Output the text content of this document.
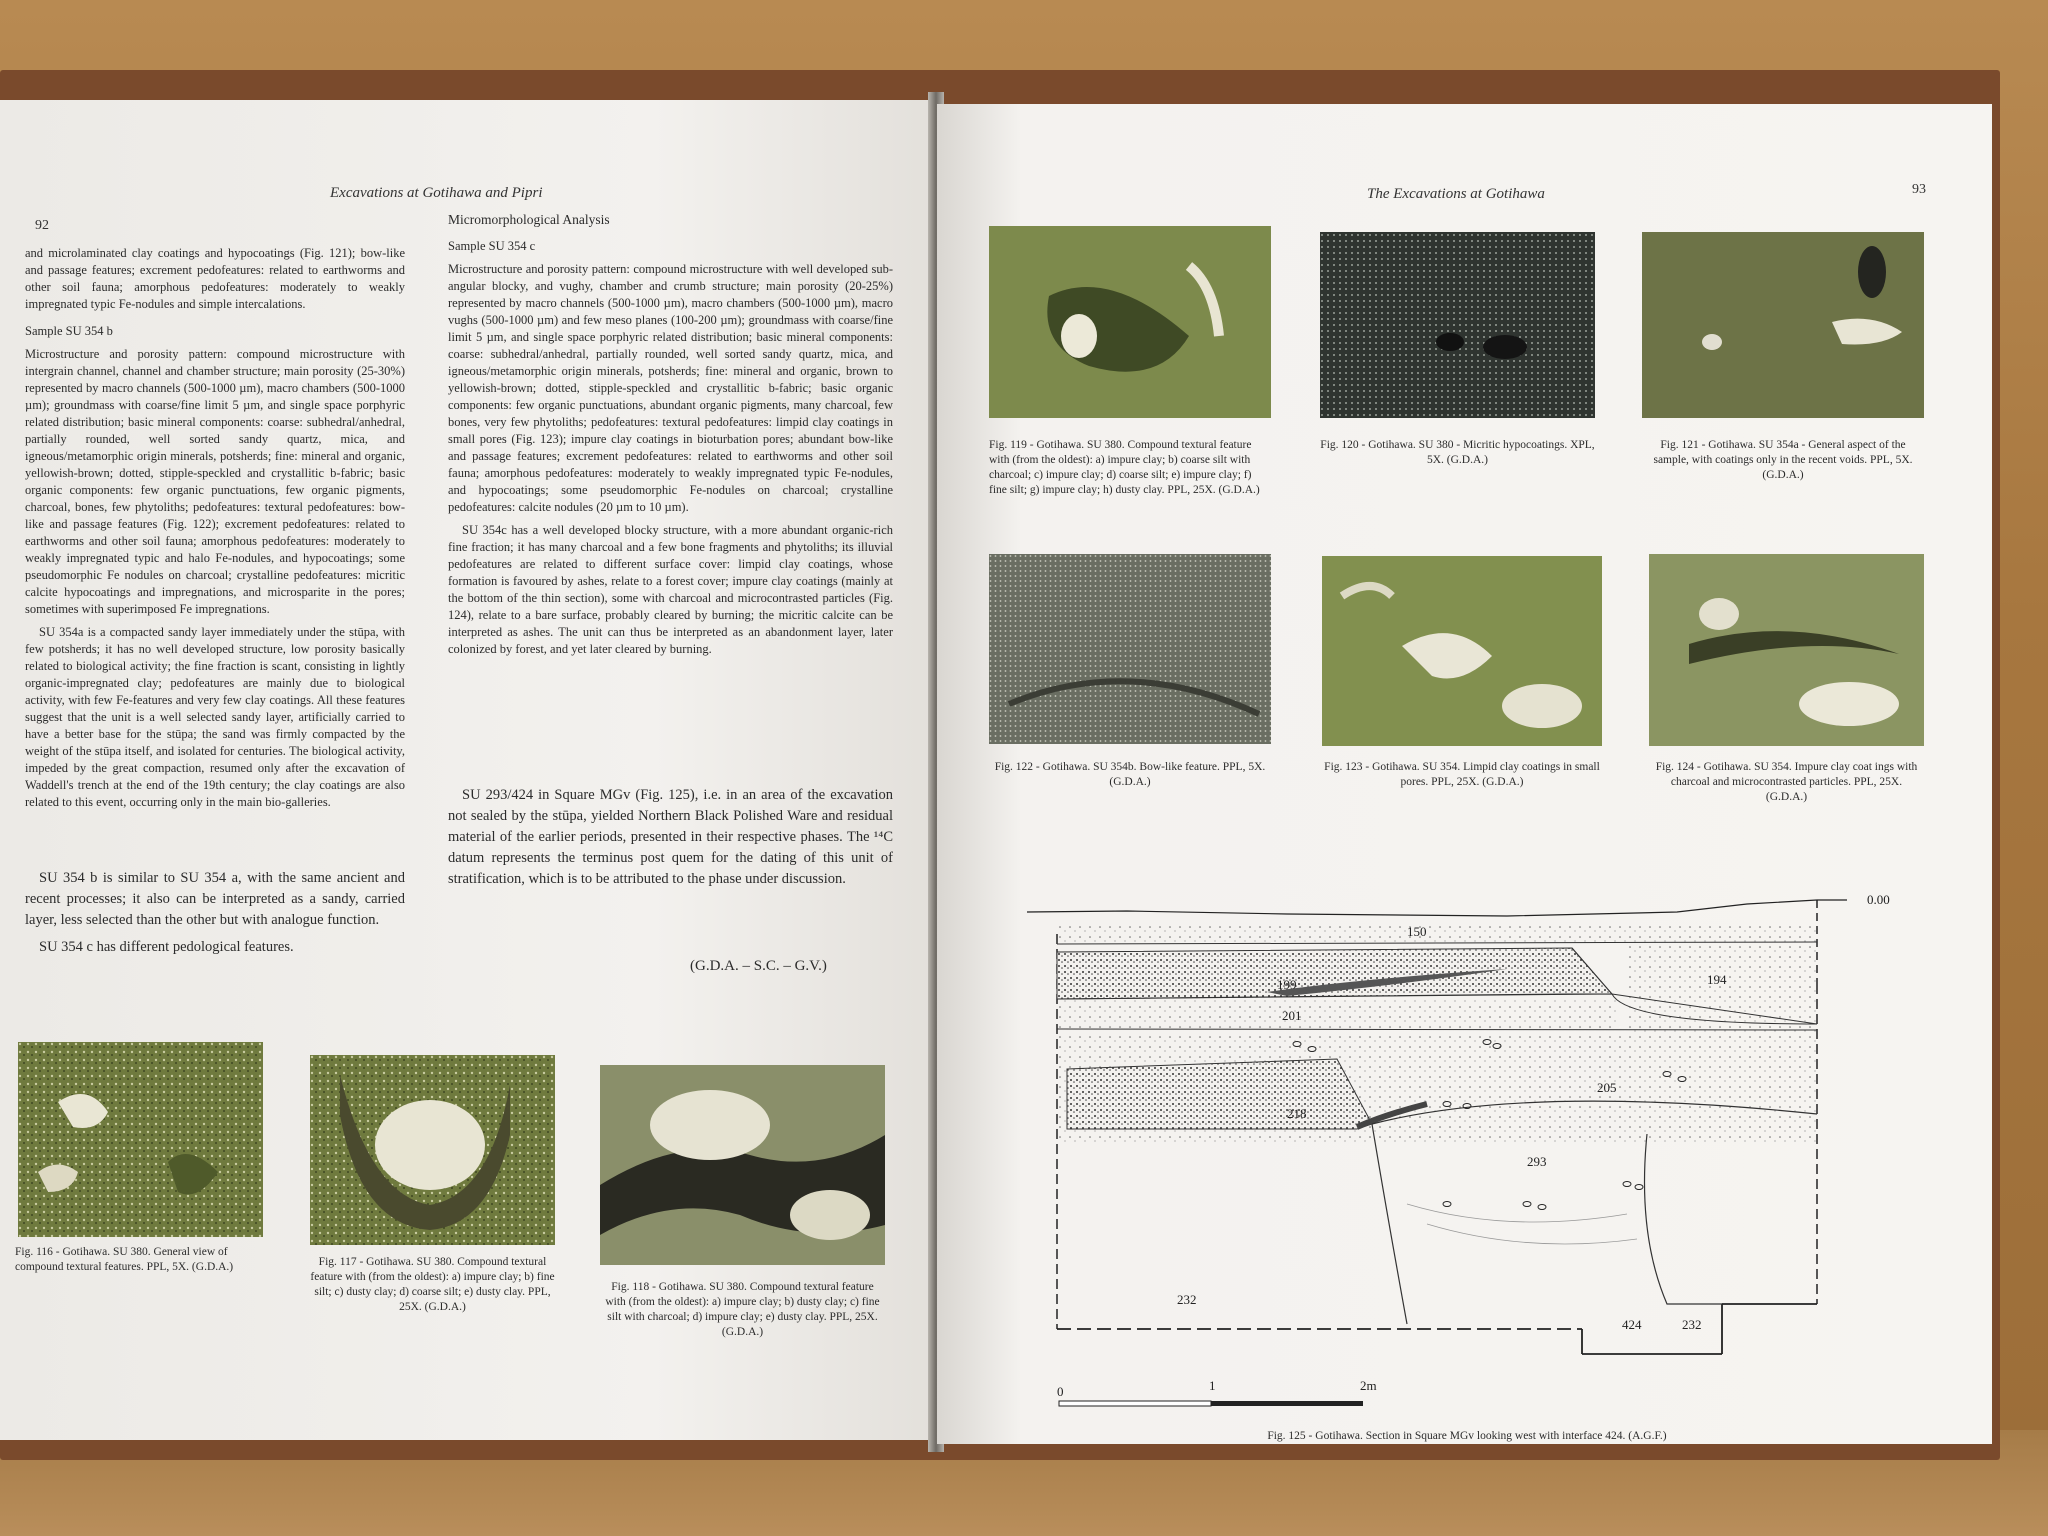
Excavations at Gotihawa and Pipri
92

and microlaminated clay coatings and hypocoatings (Fig. 121); bow-like and passage features; excrement pedofeatures: related to earthworms and other soil fauna; amorphous pedofeatures: moderately to weakly impregnated typic Fe-nodules and simple intercalations.

Sample SU 354 b

Microstructure and porosity pattern: compound microstructure with intergrain channel, channel and chamber structure; main porosity (25-30%) represented by macro channels (500-1000 µm), macro chambers (500-1000 µm); groundmass with coarse/fine limit 5 µm, and single space porphyric related distribution; basic mineral components: coarse: subhedral/anhedral, partially rounded, well sorted sandy quartz, mica, and igneous/metamorphic origin minerals, potsherds; fine: mineral and organic, yellowish-brown; dotted, stipple-speckled and crystallitic b-fabric; basic organic components: few organic punctuations, few organic pigments, charcoal, bones, few phytoliths; pedofeatures: textural pedofeatures: bow-like and passage features (Fig. 122); excrement pedofeatures: related to earthworms and other soil fauna; amorphous pedofeatures: moderately to weakly impregnated typic and halo Fe-nodules, and hypocoatings; some pseudomorphic Fe nodules on charcoal; crystalline pedofeatures: micritic calcite hypocoatings and impregnations, and microsparite in the pores; sometimes with superimposed Fe impregnations.

SU 354a is a compacted sandy layer immediately under the stūpa, with few potsherds; it has no well developed structure, low porosity basically related to biological activity; the fine fraction is scant, consisting in lightly organic-impregnated clay; pedofeatures are mainly due to biological activity, with few Fe-features and very few clay coatings. All these features suggest that the unit is a well selected sandy layer, artificially carried to have a better base for the stūpa; the sand was firmly compacted by the weight of the stūpa itself, and isolated for centuries. The biological activity, impeded by the great compaction, resumed only after the excavation of Waddell's trench at the end of the 19th century; the clay coatings are also related to this event, occurring only in the main bio-galleries.

SU 354 b is similar to SU 354 a, with the same ancient and recent processes; it also can be interpreted as a sandy, carried layer, less selected than the other but with analogue function.

SU 354 c has different pedological features.

Micromorphological Analysis

Sample SU 354 c

Microstructure and porosity pattern: compound microstructure with well developed sub-angular blocky, and vughy, chamber and crumb structure; main porosity (20-25%) represented by macro channels (500-1000 µm), macro chambers (500-1000 µm), macro vughs (500-1000 µm) and few meso planes (100-200 µm); groundmass with coarse/fine limit 5 µm, and single space porphyric related distribution; basic mineral components: coarse: subhedral/anhedral, partially rounded, well sorted sandy quartz, mica, and igneous/metamorphic origin minerals, potsherds; fine: mineral and organic, brown to yellowish-brown; dotted, stipple-speckled and crystallitic b-fabric; basic organic components: few organic punctuations, abundant organic pigments, many charcoal, few bones, very few phytoliths; pedofeatures: textural pedofeatures: limpid clay coatings in small pores (Fig. 123); impure clay coatings in bioturbation pores; abundant bow-like and passage features; excrement pedofeatures: related to earthworms and other soil fauna; amorphous pedofeatures: moderately to weakly impregnated typic Fe-nodules, and hypocoatings; some pseudomorphic Fe-nodules on charcoal; crystalline pedofeatures: calcite nodules (20 µm to 10 µm).

SU 354c has a well developed blocky structure, with a more abundant organic-rich fine fraction; it has many charcoal and a few bone fragments and phytoliths; its illuvial pedofeatures are related to different surface cover: limpid clay coatings, whose formation is favoured by ashes, relate to a forest cover; impure clay coatings (mainly at the bottom of the thin section), some with charcoal and microcontrasted particles (Fig. 124), relate to a bare surface, probably cleared by burning; the micritic calcite can be interpreted as ashes. The unit can thus be interpreted as an abandonment layer, later colonized by forest, and yet later cleared by burning.

SU 293/424 in Square MGv (Fig. 125), i.e. in an area of the excavation not sealed by the stūpa, yielded Northern Black Polished Ware and residual material of the earlier periods, presented in their respective phases. The ¹⁴C datum represents the terminus post quem for the dating of this unit of stratification, which is to be attributed to the phase under discussion.

(G.D.A. – S.C. – G.V.)
Fig. 116 - Gotihawa. SU 380. General view of compound textural features. PPL, 5X. (G.D.A.)	Fig. 117 - Gotihawa. SU 380. Compound textural feature with (from the oldest): a) impure clay; b) fine silt; c) dusty clay; d) coarse silt; e) dusty clay. PPL, 25X. (G.D.A.)
Fig. 118 - Gotihawa. SU 380. Compound textural feature with (from the oldest): a) impure clay; b) dusty clay; c) fine silt with charcoal; d) impure clay; e) dusty clay. PPL, 25X. (G.D.A.)
The Excavations at Gotihawa	93
Fig. 119 - Gotihawa. SU 380. Compound textural feature with (from the oldest): a) impure clay; b) coarse silt with charcoal; c) impure clay; d) coarse silt; e) impure clay; f) fine silt; g) impure clay; h) dusty clay. PPL, 25X. (G.D.A.)
Fig. 120 - Gotihawa. SU 380 - Micritic hypocoatings. XPL, 5X. (G.D.A.)
Fig. 121 - Gotihawa. SU 354a - General aspect of the sample, with coatings only in the recent voids. PPL, 5X. (G.D.A.)
Fig. 122 - Gotihawa. SU 354b. Bow-like feature. PPL, 5X. (G.D.A.)
Fig. 123 - Gotihawa. SU 354. Limpid clay coatings in small pores. PPL, 25X. (G.D.A.)
Fig. 124 - Gotihawa. SU 354. Impure clay coat ings with charcoal and microcontrasted particles. PPL, 25X. (G.D.A.)
0.00
150
199	194
201
205
218
293
232
424	232
0	1	2m
Fig. 125 - Gotihawa. Section in Square MGv looking west with interface 424. (A.G.F.)
